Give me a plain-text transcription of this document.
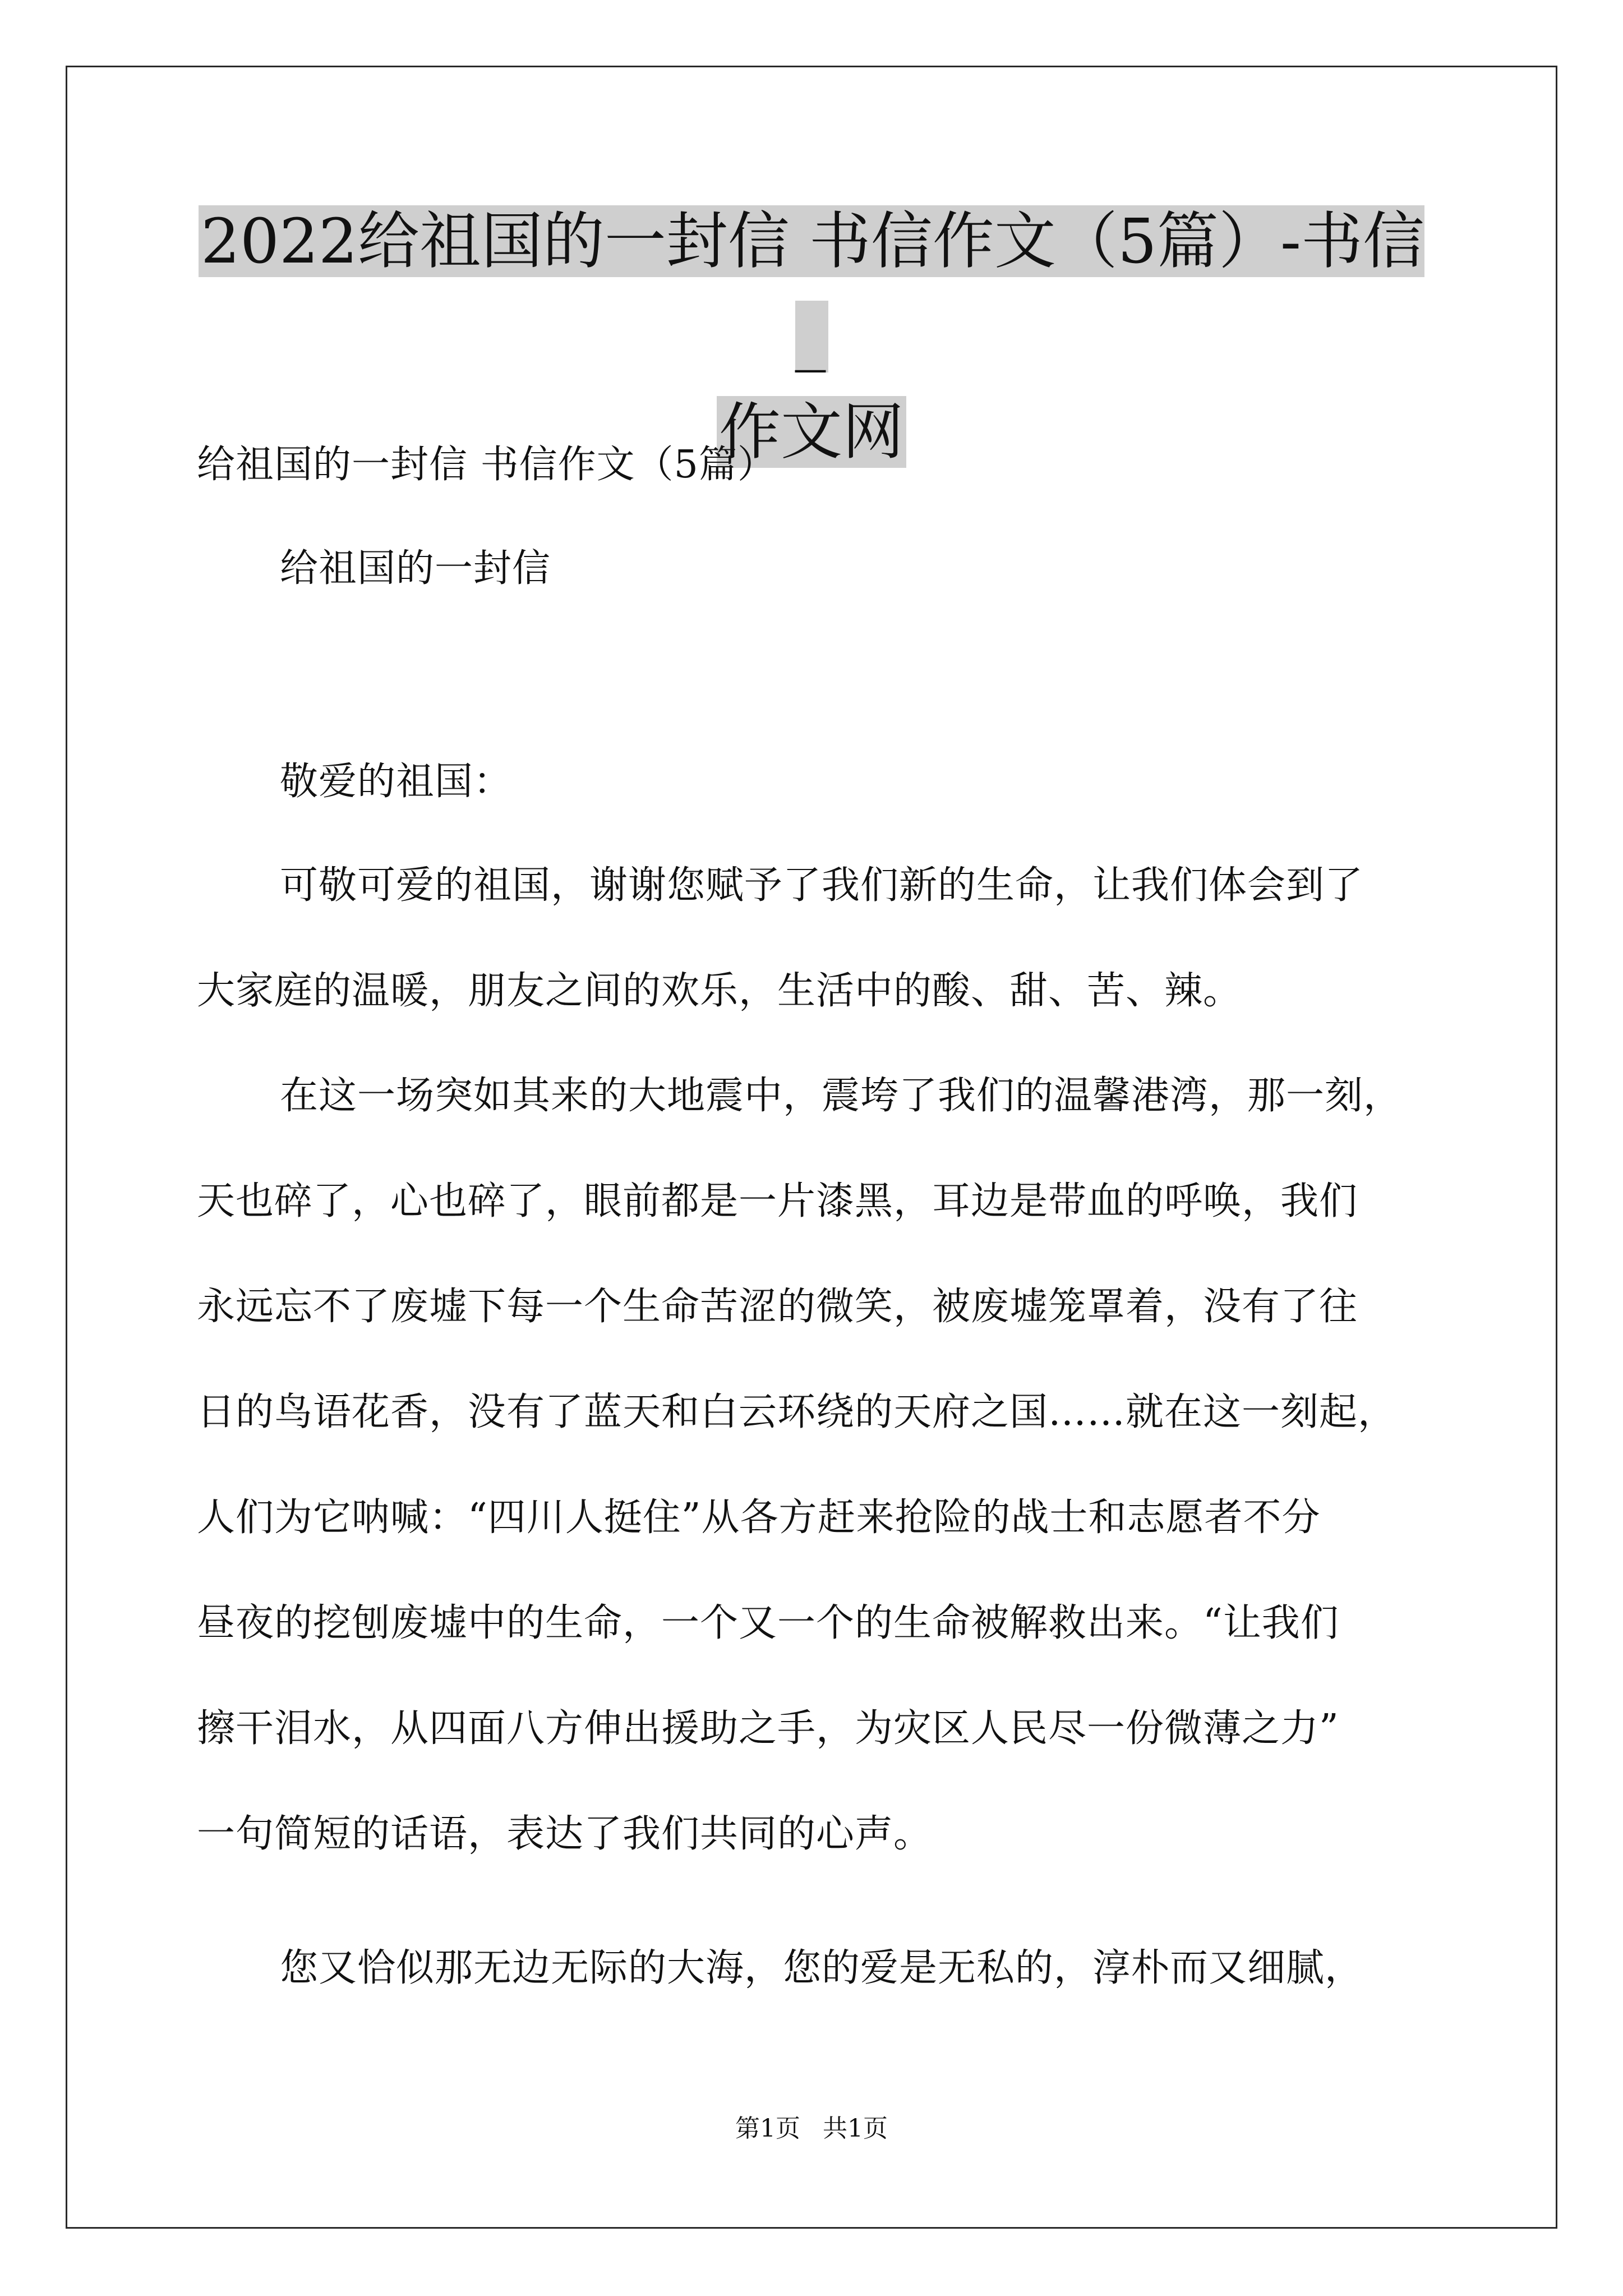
2022给祖国的一封信 书信作文（5篇）-书信_
作文网

给祖国的一封信 书信作文（5篇）

给祖国的一封信

敬爱的祖国：

可敬可爱的祖国，谢谢您赋予了我们新的生命，让我们体会到了
大家庭的温暖，朋友之间的欢乐，生活中的酸、甜、苦、辣。
在这一场突如其来的大地震中，震垮了我们的温馨港湾，那一刻，
天也碎了，心也碎了，眼前都是一片漆黑，耳边是带血的呼唤，我们
永远忘不了废墟下每一个生命苦涩的微笑，被废墟笼罩着，没有了往
日的鸟语花香，没有了蓝天和白云环绕的天府之国……就在这一刻起，
人们为它呐喊：“四川人挺住”从各方赶来抢险的战士和志愿者不分
昼夜的挖刨废墟中的生命，一个又一个的生命被解救出来。“让我们
擦干泪水，从四面八方伸出援助之手，为灾区人民尽一份微薄之力”
一句简短的话语，表达了我们共同的心声。
您又恰似那无边无际的大海，您的爱是无私的，淳朴而又细腻，
第1页 共1页
